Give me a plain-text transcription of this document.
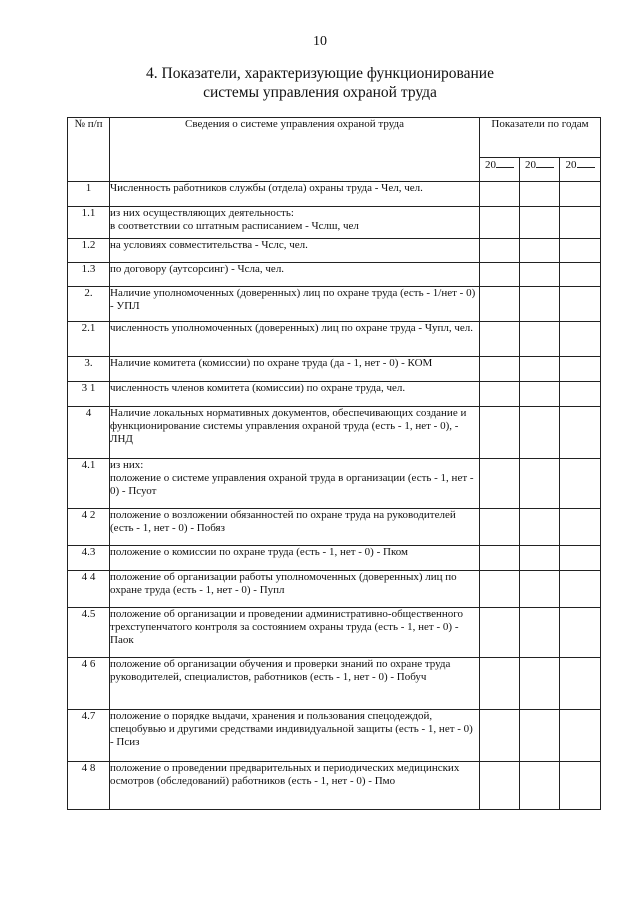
10
4. Показатели, характеризующие функционирование
системы управления охраной труда
№ п/п	Сведения о системе управления охраной труда	Показатели по годам		
		20	20	20
1	Численность работников службы (отдела) охраны труда - Чел, чел.			
1.1	из них осуществляющих деятельность:
в соответствии со штатным расписанием - Чслш, чел			
1.2	на условиях совместительства - Чслс, чел.			
1.3	по договору (аутсорсинг) - Чсла, чел.			
2.	Наличие уполномоченных (доверенных) лиц по охране труда (есть - 1/нет - 0) - УПЛ			
2.1	численность уполномоченных (доверенных) лиц по охране труда - Чупл, чел.			
3.	Наличие комитета (комиссии) по охране труда (да - 1, нет - 0) - КОМ			
3 1	численность членов комитета (комиссии) по охране труда, чел.			
4	Наличие локальных нормативных документов, обеспечивающих создание и функционирование системы управления охраной труда (есть - 1, нет - 0), - ЛНД			
4.1	из них:
положение о системе управления охраной труда в организации (есть - 1, нет - 0) - Псуот			
4 2	положение о возложении обязанностей по охране труда на руководителей (есть - 1, нет - 0) - Побяз			
4.3	положение о комиссии по охране труда (есть - 1, нет - 0) - Пком			
4 4	положение об организации работы уполномоченных (доверенных) лиц по охране труда (есть - 1, нет - 0) - Пупл			
4.5	положение об организации и проведении административно-общественного трехступенчатого контроля за состоянием охраны труда (есть - 1, нет - 0) - Паок			
4 6	положение об организации обучения и проверки знаний по охране труда руководителей, специалистов, работников (есть - 1, нет - 0) - Побуч			
4.7	положение о порядке выдачи, хранения и пользования спецодеждой, спецобувью и другими средствами индивидуальной защиты (есть - 1, нет - 0) - Псиз			
4 8	положение о проведении предварительных и периодических медицинских осмотров (обследований) работников (есть - 1, нет - 0) - Пмо			
